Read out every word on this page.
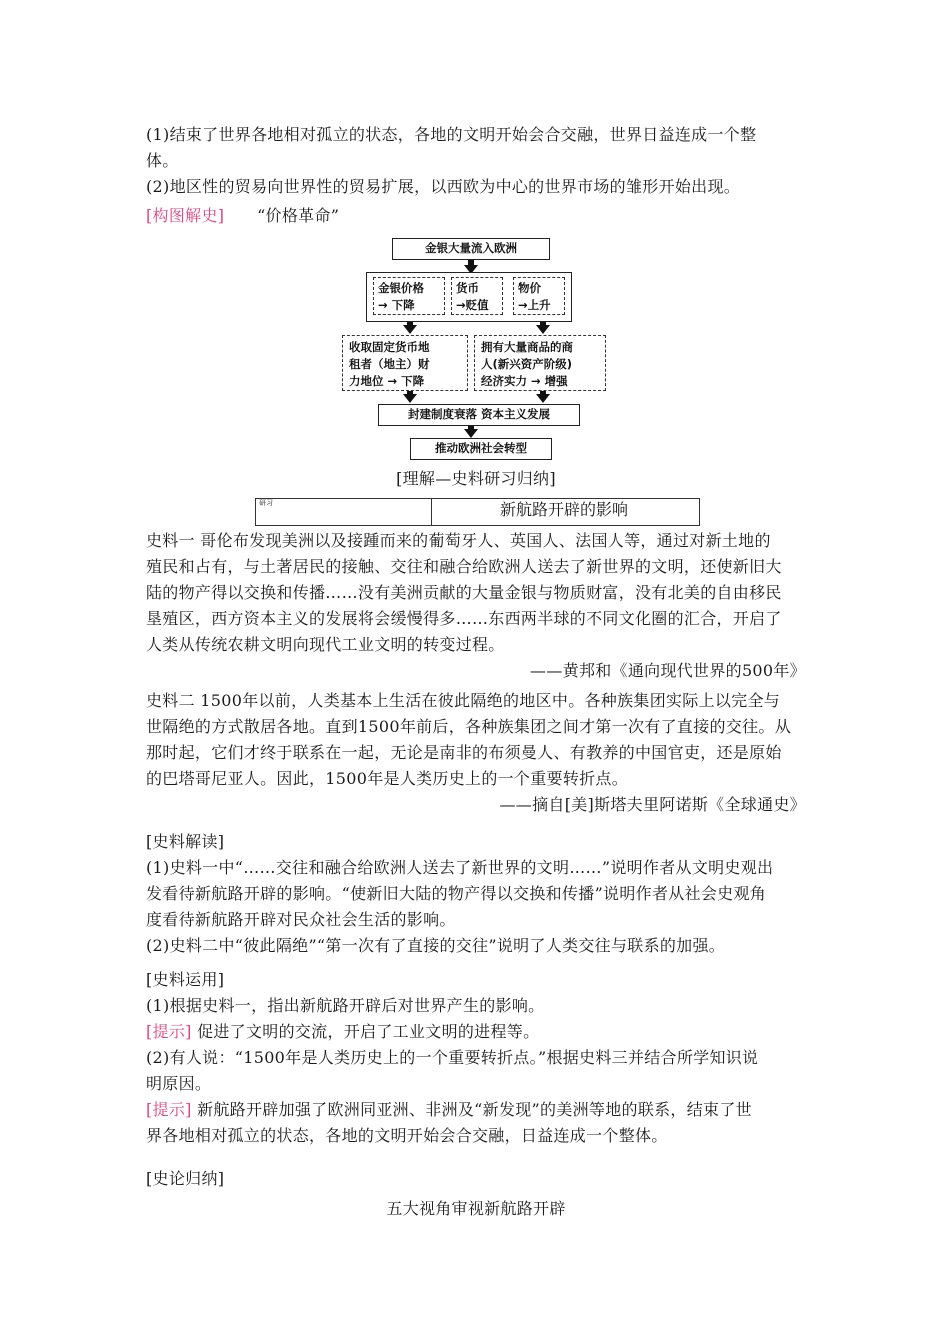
(1)结束了世界各地相对孤立的状态，各地的文明开始会合交融，世界日益连成一个整
体。
(2)地区性的贸易向世界性的贸易扩展，以西欧为中心的世界市场的雏形开始出现。
[构图解史] “价格革命”
金银大量流入欧洲
金银价格
→ 下降
货币
→贬值
物价
→上升
收取固定货币地
租者（地主）财
力地位 → 下降
拥有大量商品的商
人(新兴资产阶级)
经济实力 → 增强
封建制度衰落 资本主义发展
推动欧洲社会转型
[理解—史料研习归纳]
研习	新航路开辟的影响
史料一 哥伦布发现美洲以及接踵而来的葡萄牙人、英国人、法国人等，通过对新土地的
殖民和占有，与土著居民的接触、交往和融合给欧洲人送去了新世界的文明，还使新旧大
陆的物产得以交换和传播……没有美洲贡献的大量金银与物质财富，没有北美的自由移民
垦殖区，西方资本主义的发展将会缓慢得多……东西两半球的不同文化圈的汇合，开启了
人类从传统农耕文明向现代工业文明的转变过程。
——黄邦和《通向现代世界的500年》
史料二 1500年以前，人类基本上生活在彼此隔绝的地区中。各种族集团实际上以完全与
世隔绝的方式散居各地。直到1500年前后，各种族集团之间才第一次有了直接的交往。从
那时起，它们才终于联系在一起，无论是南非的布须曼人、有教养的中国官吏，还是原始
的巴塔哥尼亚人。因此，1500年是人类历史上的一个重要转折点。
——摘自[美]斯塔夫里阿诺斯《全球通史》
[史料解读]
(1)史料一中“……交往和融合给欧洲人送去了新世界的文明……”说明作者从文明史观出
发看待新航路开辟的影响。“使新旧大陆的物产得以交换和传播”说明作者从社会史观角
度看待新航路开辟对民众社会生活的影响。
(2)史料二中“彼此隔绝”“第一次有了直接的交往”说明了人类交往与联系的加强。
[史料运用]
(1)根据史料一，指出新航路开辟后对世界产生的影响。
[提示] 促进了文明的交流，开启了工业文明的进程等。
(2)有人说：“1500年是人类历史上的一个重要转折点。”根据史料三并结合所学知识说
明原因。
[提示] 新航路开辟加强了欧洲同亚洲、非洲及“新发现”的美洲等地的联系，结束了世
界各地相对孤立的状态，各地的文明开始会合交融，日益连成一个整体。
[史论归纳]
五大视角审视新航路开辟
